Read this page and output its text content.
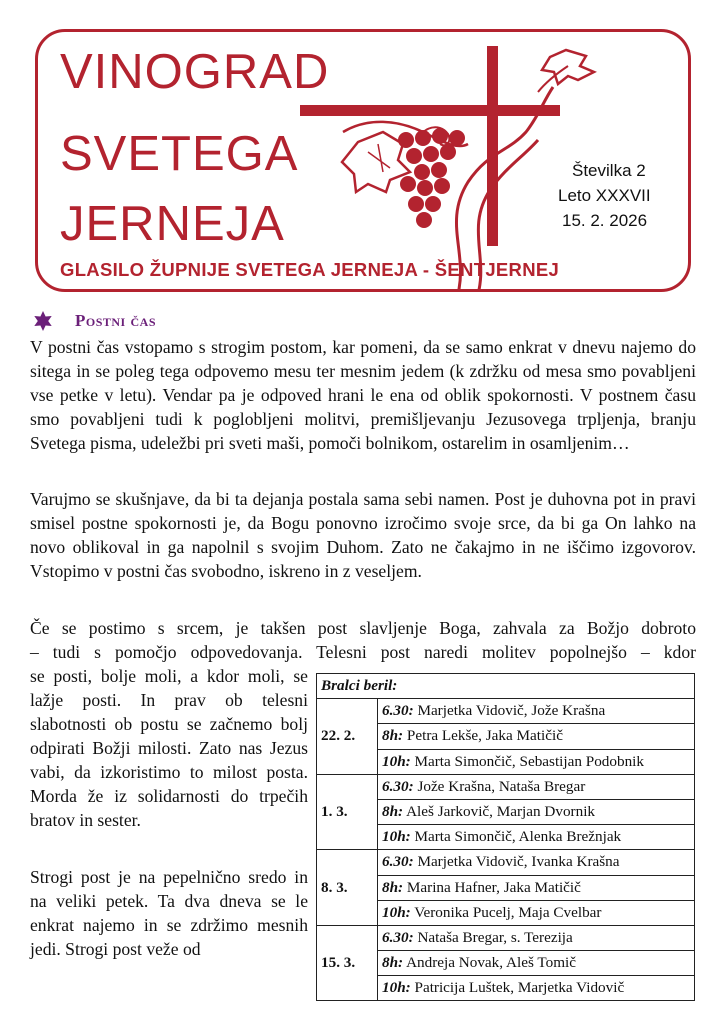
VINOGRAD
SVETEGA
JERNEJA
GLASILO ŽUPNIJE SVETEGA JERNEJA - ŠENTJERNEJ
Številka 2
Leto XXXVII
15. 2. 2026
Postni čas

V postni čas vstopamo s strogim postom, kar pomeni, da se samo enkrat v dnevu najemo do sitega in se poleg tega odpovemo mesu ter mesnim jedem (k zdržku od mesa smo povabljeni vse petke v letu). Vendar pa je odpoved hrani le ena od oblik spokornosti. V postnem času smo povabljeni tudi k poglobljeni molitvi, premišljevanju Jezusovega trpljenja, branju Svetega pisma, udeležbi pri sveti maši, pomoči bolnikom, ostarelim in osamljenim…

Varujmo se skušnjave, da bi ta dejanja postala sama sebi namen. Post je duhovna pot in pravi smisel postne spokornosti je, da Bogu ponovno izročimo svoje srce, da bi ga On lahko na novo oblikoval in ga napolnil s svojim Duhom. Zato ne čakajmo in ne iščimo izgovorov. Vstopimo v postni čas svobodno, iskreno in z veseljem.

Če se postimo s srcem, je takšen post slavljenje Boga, zahvala za Božjo dobroto

– tudi s pomočjo odpovedovanja. Telesni post naredi molitev popolnejšo – kdor

se posti, bolje moli, a kdor moli, se lažje posti. In prav ob telesni slabotnosti ob postu se začnemo bolj odpirati Božji milosti. Zato nas Jezus vabi, da izkoristimo to milost posta. Morda že iz solidarnosti do trpečih bratov in sester.

Strogi post je na pepelnično sredo in na veliki petek. Ta dva dneva se le enkrat najemo in se zdržimo mesnih jedi. Strogi post veže od

Bralci beril:	
22. 2.	6.30: Marjetka Vidovič, Jože Krašna
	8h: Petra Lekše, Jaka Matičič
	10h: Marta Simončič, Sebastijan Podobnik
1. 3.	6.30: Jože Krašna, Nataša Bregar
	8h: Aleš Jarkovič, Marjan Dvornik
	10h: Marta Simončič, Alenka Brežnjak
8. 3.	6.30: Marjetka Vidovič, Ivanka Krašna
	8h: Marina Hafner, Jaka Matičič
	10h: Veronika Pucelj, Maja Cvelbar
15. 3.	6.30: Nataša Bregar, s. Terezija
	8h: Andreja Novak, Aleš Tomič
	10h: Patricija Luštek, Marjetka Vidovič
